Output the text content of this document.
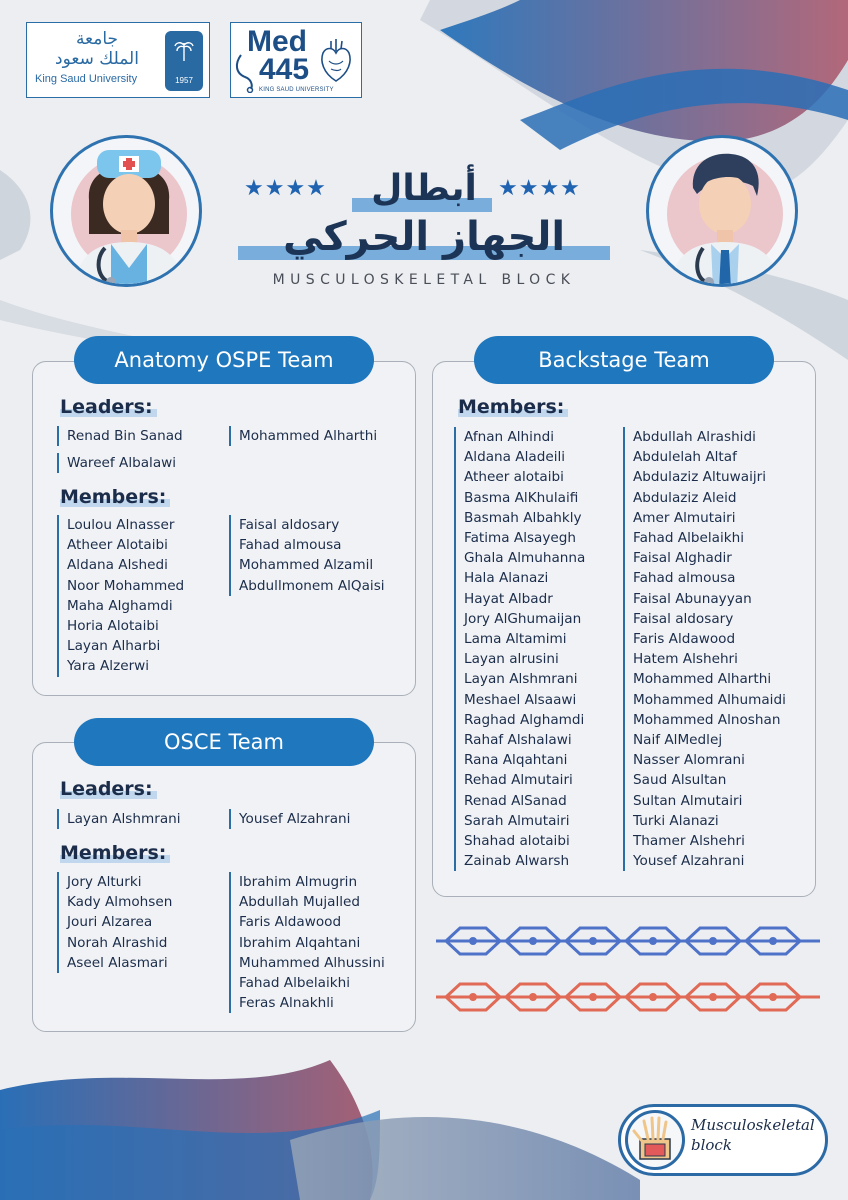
جامعة
الملك سعود
King Saud University	1957
Med
445
KING SAUD UNIVERSITY
★★★★	★★★★
أبطال
الجهاز الحركي
MUSCULOSKELETAL BLOCK
Anatomy OSPE Team
Leaders:
Renad Bin Sanad	Mohammed Alharthi
Wareef Albalawi
Members:
Loulou Alnasser
Atheer Alotaibi
Aldana Alshedi
Noor Mohammed
Maha Alghamdi
Horia Alotaibi
Layan Alharbi
Yara Alzerwi
Faisal aldosary
Fahad almousa
Mohammed Alzamil
Abdullmonem AlQaisi
OSCE Team
Leaders:
Layan Alshmrani	Yousef Alzahrani
Members:
Jory Alturki
Kady Almohsen
Jouri Alzarea
Norah Alrashid
Aseel Alasmari
Ibrahim Almugrin
Abdullah Mujalled
Faris Aldawood
Ibrahim Alqahtani
Muhammed Alhussini
Fahad Albelaikhi
Feras Alnakhli
Backstage Team
Members:
Afnan Alhindi
Aldana Aladeili
Atheer alotaibi
Basma AlKhulaifi
Basmah Albahkly
Fatima Alsayegh
Ghala Almuhanna
Hala Alanazi
Hayat Albadr
Jory AlGhumaijan
Lama Altamimi
Layan alrusini
Layan Alshmrani
Meshael Alsaawi
Raghad Alghamdi
Rahaf Alshalawi
Rana Alqahtani
Rehad Almutairi
Renad AlSanad
Sarah Almutairi
Shahad alotaibi
Zainab Alwarsh
Abdullah Alrashidi
Abdulelah Altaf
Abdulaziz Altuwaijri
Abdulaziz Aleid
Amer Almutairi
Fahad Albelaikhi
Faisal Alghadir
Fahad almousa
Faisal Abunayyan
Faisal aldosary
Faris Aldawood
Hatem Alshehri
Mohammed Alharthi
Mohammed Alhumaidi
Mohammed Alnoshan
Naif AlMedlej
Nasser Alomrani
Saud Alsultan
Sultan Almutairi
Turki Alanazi
Thamer Alshehri
Yousef Alzahrani
Musculoskeletal
block
